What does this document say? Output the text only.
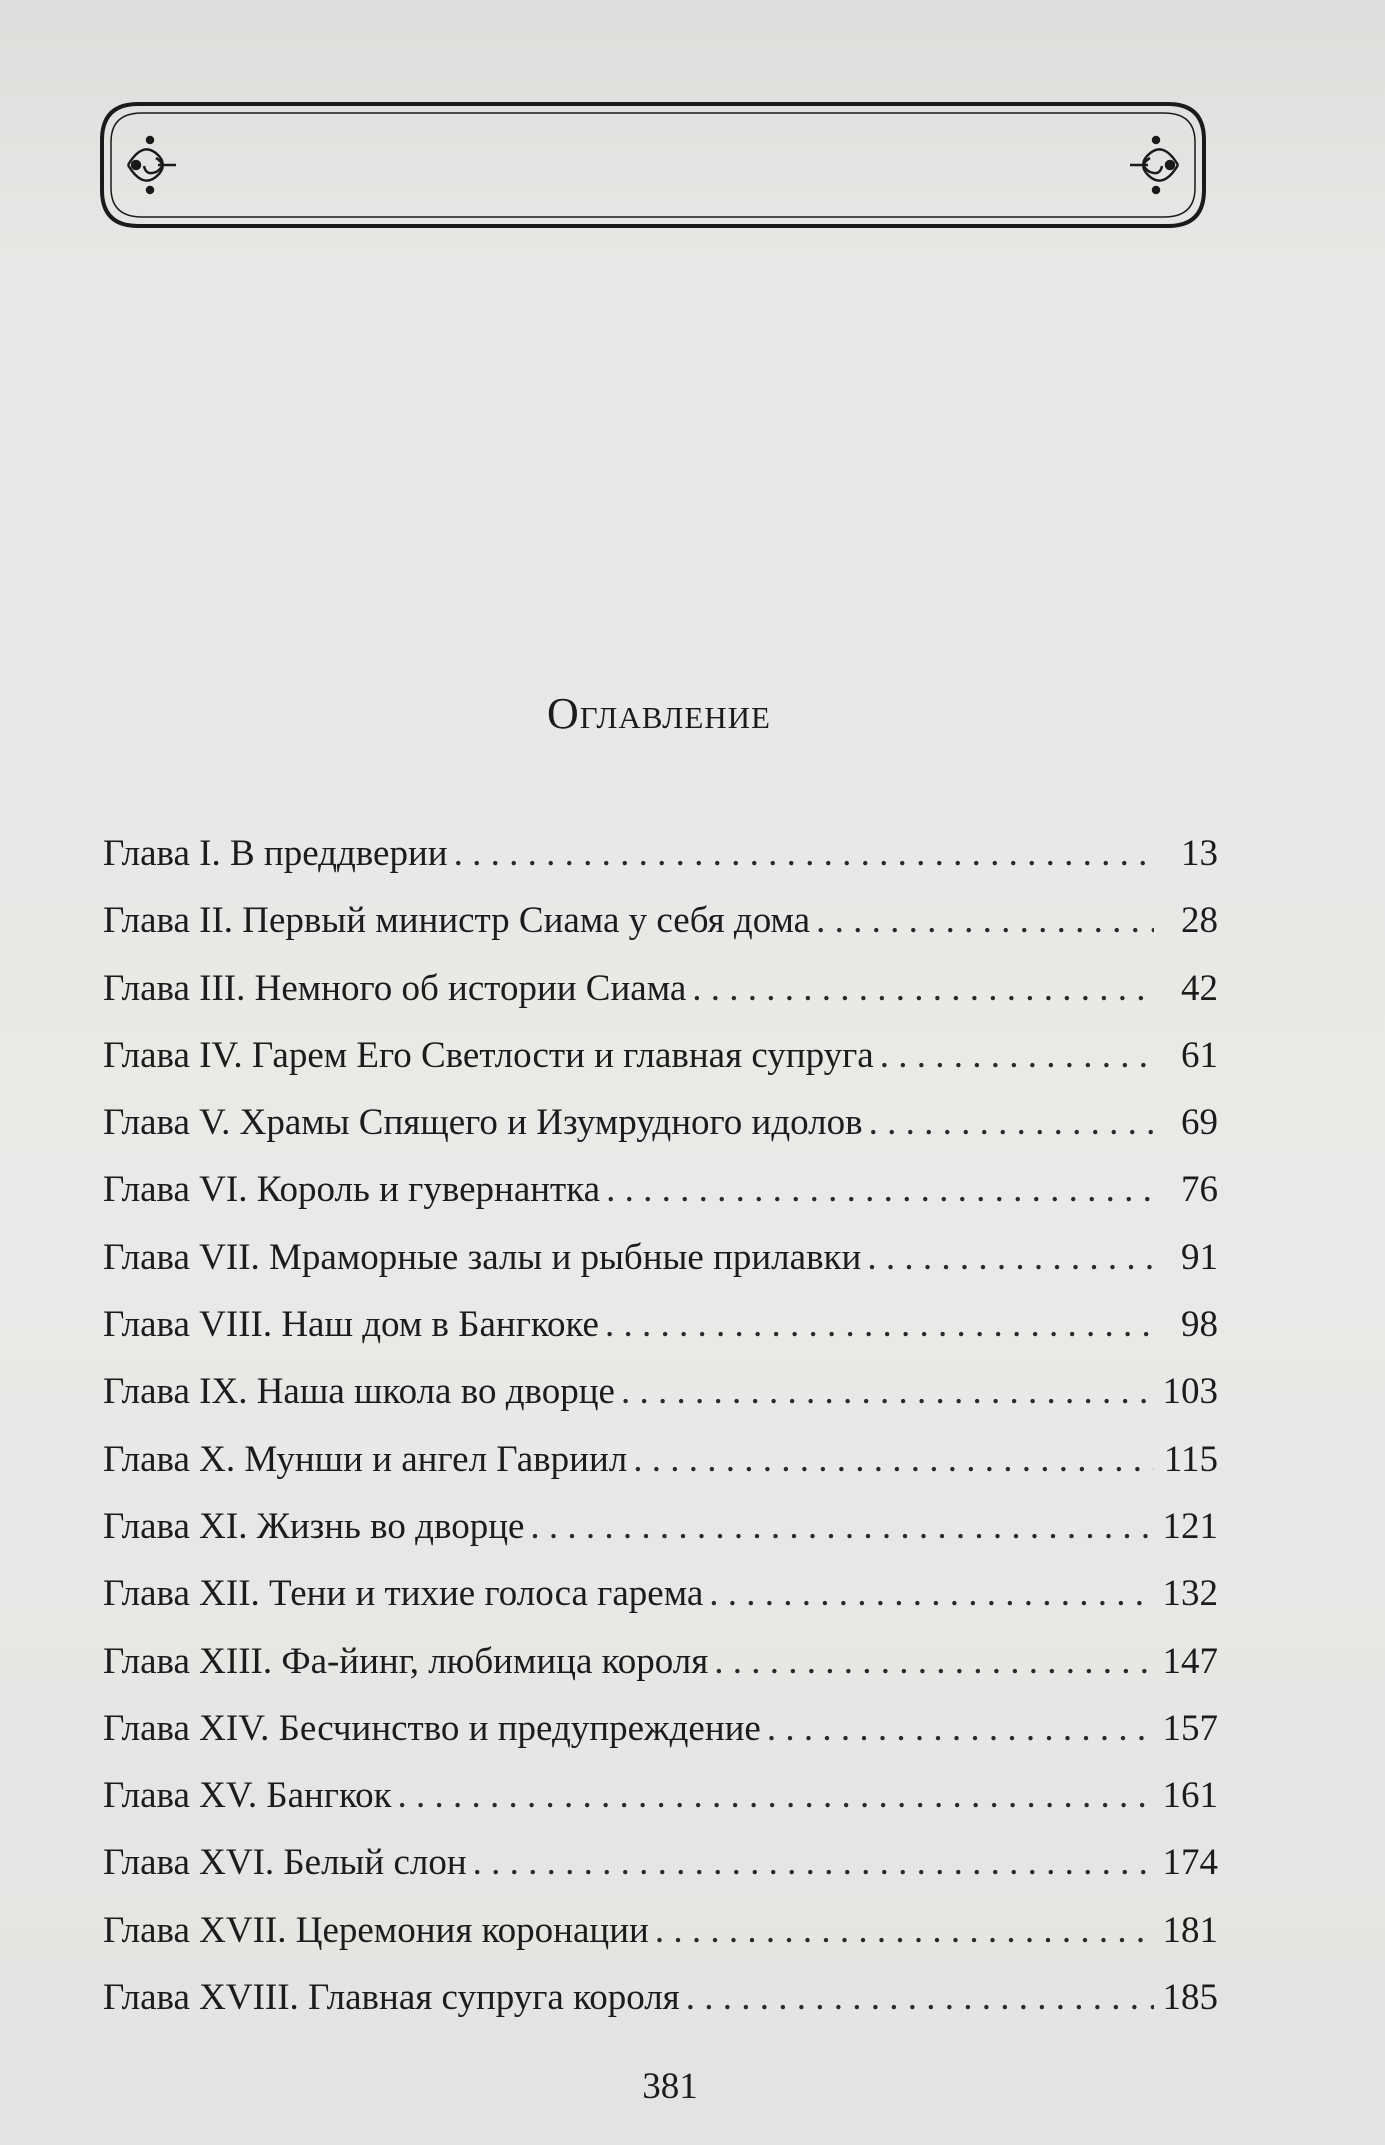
Оглавление
Глава I. В преддверии . . .	13
Глава II. Первый министр Сиама у себя дома . . .	28
Глава III. Немного об истории Сиама . . .	42
Глава IV. Гарем Его Светлости и главная супруга . . .	61
Глава V. Храмы Спящего и Изумрудного идолов . . .	69
Глава VI. Король и гувернантка . . .	76
Глава VII. Мраморные залы и рыбные прилавки . . .	91
Глава VIII. Наш дом в Бангкоке . . .	98
Глава IX. Наша школа во дворце . . .	103
Глава X. Мунши и ангел Гавриил . . .	115
Глава XI. Жизнь во дворце . . .	121
Глава XII. Тени и тихие голоса гарема . . .	132
Глава XIII. Фа-йинг, любимица короля . . .	147
Глава XIV. Бесчинство и предупреждение . . .	157
Глава XV. Бангкок . . .	161
Глава XVI. Белый слон . . .	174
Глава XVII. Церемония коронации . . .	181
Глава XVIII. Главная супруга короля . . .	185
381
